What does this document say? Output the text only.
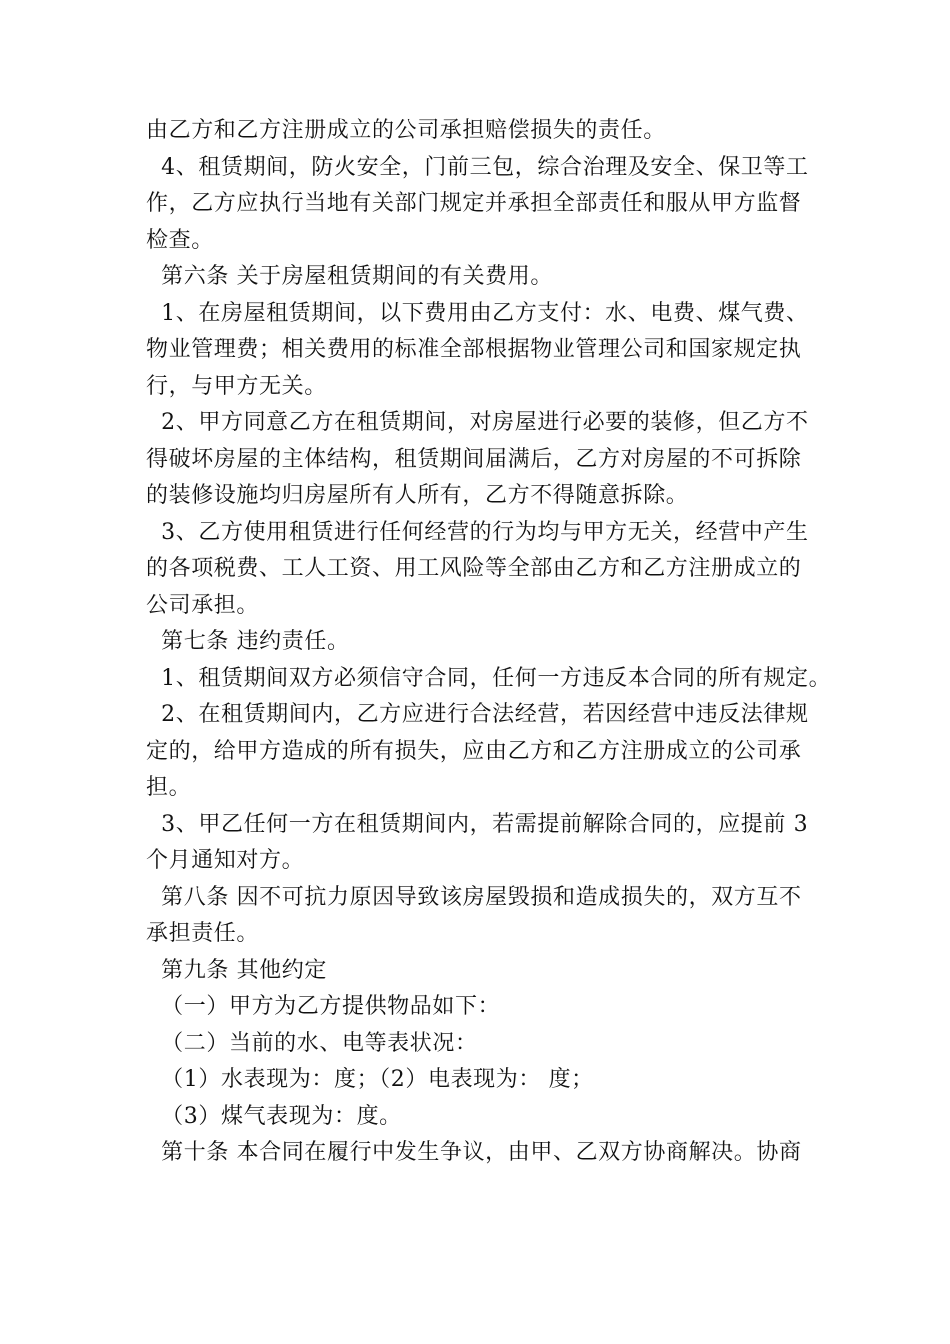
由乙方和乙方注册成立的公司承担赔偿损失的责任。
4、租赁期间，防火安全，门前三包，综合治理及安全、保卫等工
作，乙方应执行当地有关部门规定并承担全部责任和服从甲方监督
检查。
第六条 关于房屋租赁期间的有关费用。
1、在房屋租赁期间，以下费用由乙方支付：水、电费、煤气费、
物业管理费；相关费用的标准全部根据物业管理公司和国家规定执
行，与甲方无关。
2、甲方同意乙方在租赁期间，对房屋进行必要的装修，但乙方不
得破坏房屋的主体结构，租赁期间届满后，乙方对房屋的不可拆除
的装修设施均归房屋所有人所有，乙方不得随意拆除。
3、乙方使用租赁进行任何经营的行为均与甲方无关，经营中产生
的各项税费、工人工资、用工风险等全部由乙方和乙方注册成立的
公司承担。
第七条 违约责任。
1、租赁期间双方必须信守合同，任何一方违反本合同的所有规定。
2、在租赁期间内，乙方应进行合法经营，若因经营中违反法律规
定的，给甲方造成的所有损失，应由乙方和乙方注册成立的公司承
担。
3、甲乙任何一方在租赁期间内，若需提前解除合同的，应提前 3
个月通知对方。
第八条 因不可抗力原因导致该房屋毁损和造成损失的，双方互不
承担责任。
第九条 其他约定
（一）甲方为乙方提供物品如下：
（二）当前的水、电等表状况：
（1）水表现为：度；（2）电表现为： 度；
（3）煤气表现为：度。
第十条 本合同在履行中发生争议，由甲、乙双方协商解决。协商
